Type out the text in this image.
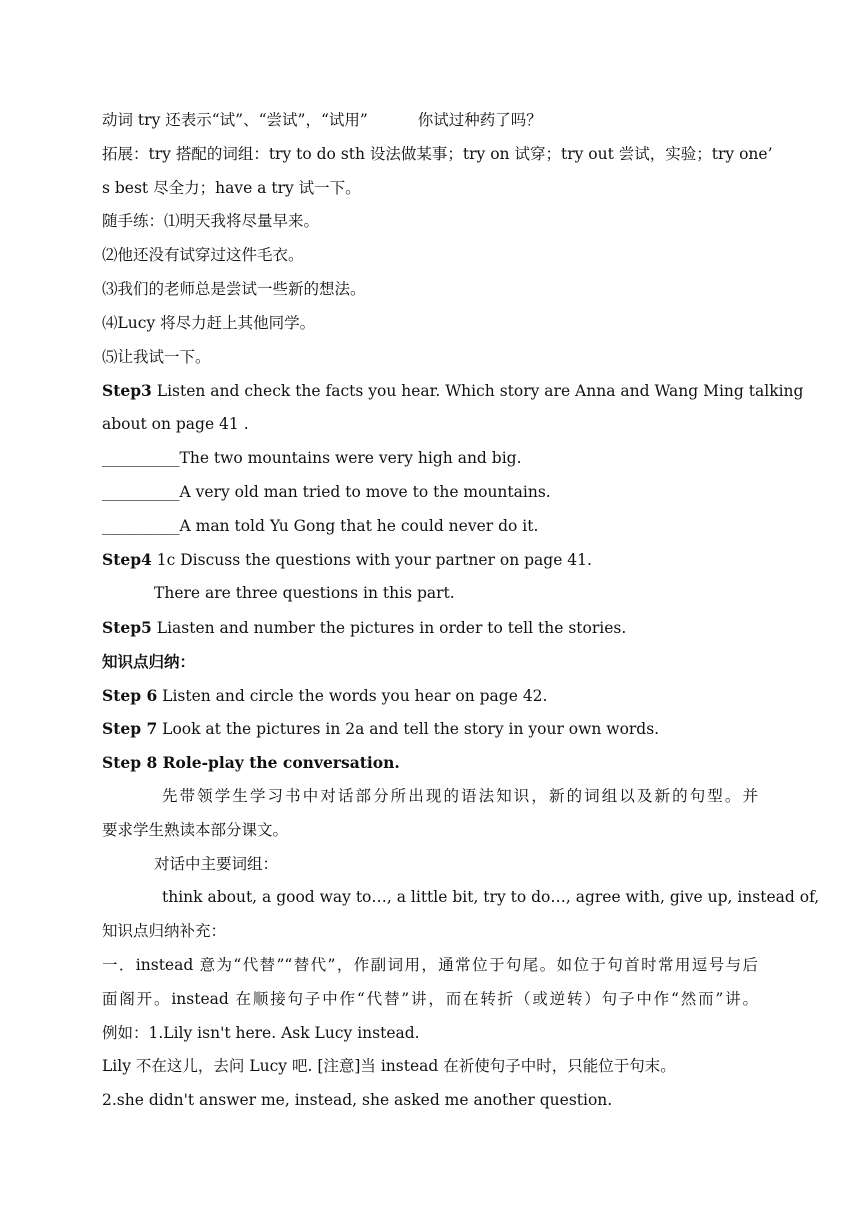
动词 try 还表示“试”、“尝试”，“试用”	你试过种药了吗？
拓展：try 搭配的词组：try to do sth 设法做某事；try on 试穿；try out 尝试，实验；try one’
s best 尽全力；have a try 试一下。
随手练：⑴明天我将尽量早来。
⑵他还没有试穿过这件毛衣。
⑶我们的老师总是尝试一些新的想法。
⑷Lucy 将尽力赶上其他同学。
⑸让我试一下。
Step3 Listen and check the facts you hear. Which story are Anna and Wang Ming talking
about on page 41 .
__________The two mountains were very high and big.
__________A very old man tried to move to the mountains.
__________A man told Yu Gong that he could never do it.
Step4 1c Discuss the questions with your partner on page 41.
There are three questions in this part.
Step5 Liasten and number the pictures in order to tell the stories.
知识点归纳：
Step 6 Listen and circle the words you hear on page 42.
Step 7 Look at the pictures in 2a and tell the story in your own words.
Step 8 Role-play the conversation.
先带领学生学习书中对话部分所出现的语法知识，新的词组以及新的句型。并
要求学生熟读本部分课文。
对话中主要词组：
think about, a good way to…, a little bit, try to do…, agree with, give up, instead of,
知识点归纳补充：
一．instead 意为“代替”“替代”，作副词用，通常位于句尾。如位于句首时常用逗号与后
面阁开。instead 在顺接句子中作“代替”讲，而在转折（或逆转）句子中作“然而”讲。
例如：1.Lily isn't here. Ask Lucy instead.
Lily 不在这儿，去问 Lucy 吧. [注意]当 instead 在祈使句子中时，只能位于句末。
2.she didn't answer me, instead, she asked me another question.
